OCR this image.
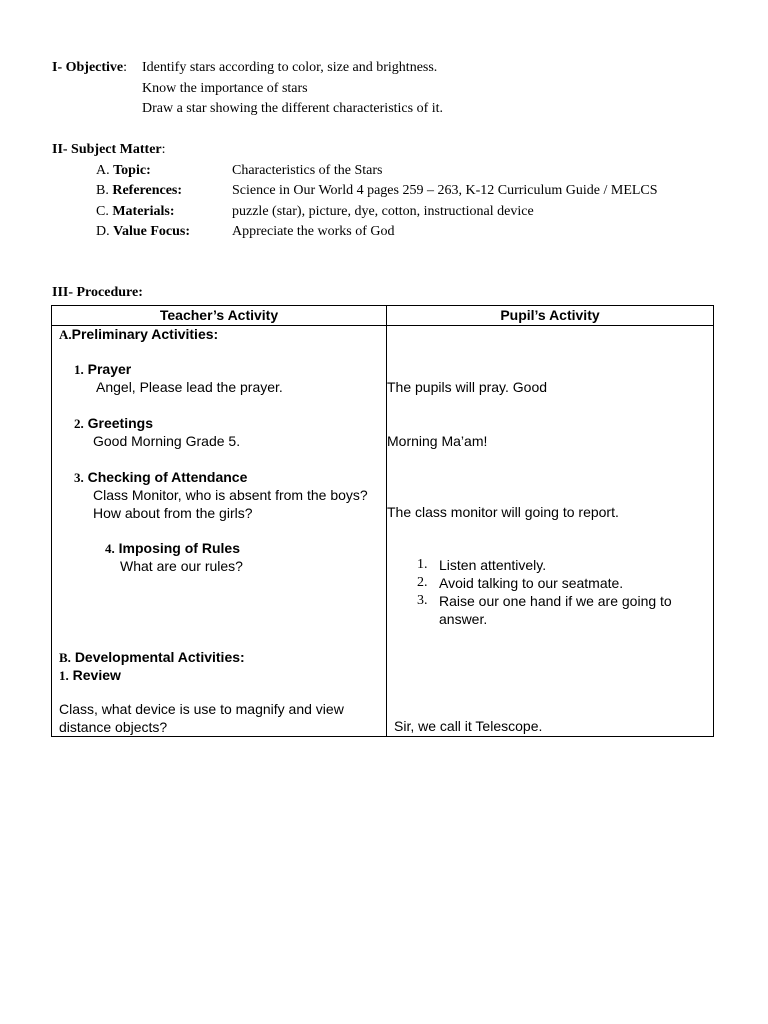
I- Objective: Identify stars according to color, size and brightness.
Know the importance of stars
Draw a star showing the different characteristics of it.
II- Subject Matter:
A. Topic:	Characteristics of the Stars
B. References:	Science in Our World 4 pages 259 – 263, K-12 Curriculum Guide / MELCS
C. Materials:	puzzle (star), picture, dye, cotton, instructional device
D. Value Focus:	Appreciate the works of God
III- Procedure:
Teacher’s Activity	Pupil’s Activity
A.Preliminary Activities:
1. Prayer
Angel, Please lead the prayer.	The pupils will pray. Good
2. Greetings
Good Morning Grade 5.	Morning Ma’am!
3. Checking of Attendance
Class Monitor, who is absent from the boys? How about from the girls?	The class monitor will going to report.
4. Imposing of Rules
What are our rules?	1. Listen attentively.
2. Avoid talking to our seatmate.
3. Raise our one hand if we are going to answer.
B. Developmental Activities:
1. Review
Class, what device is use to magnify and view distance objects?	Sir, we call it Telescope.
